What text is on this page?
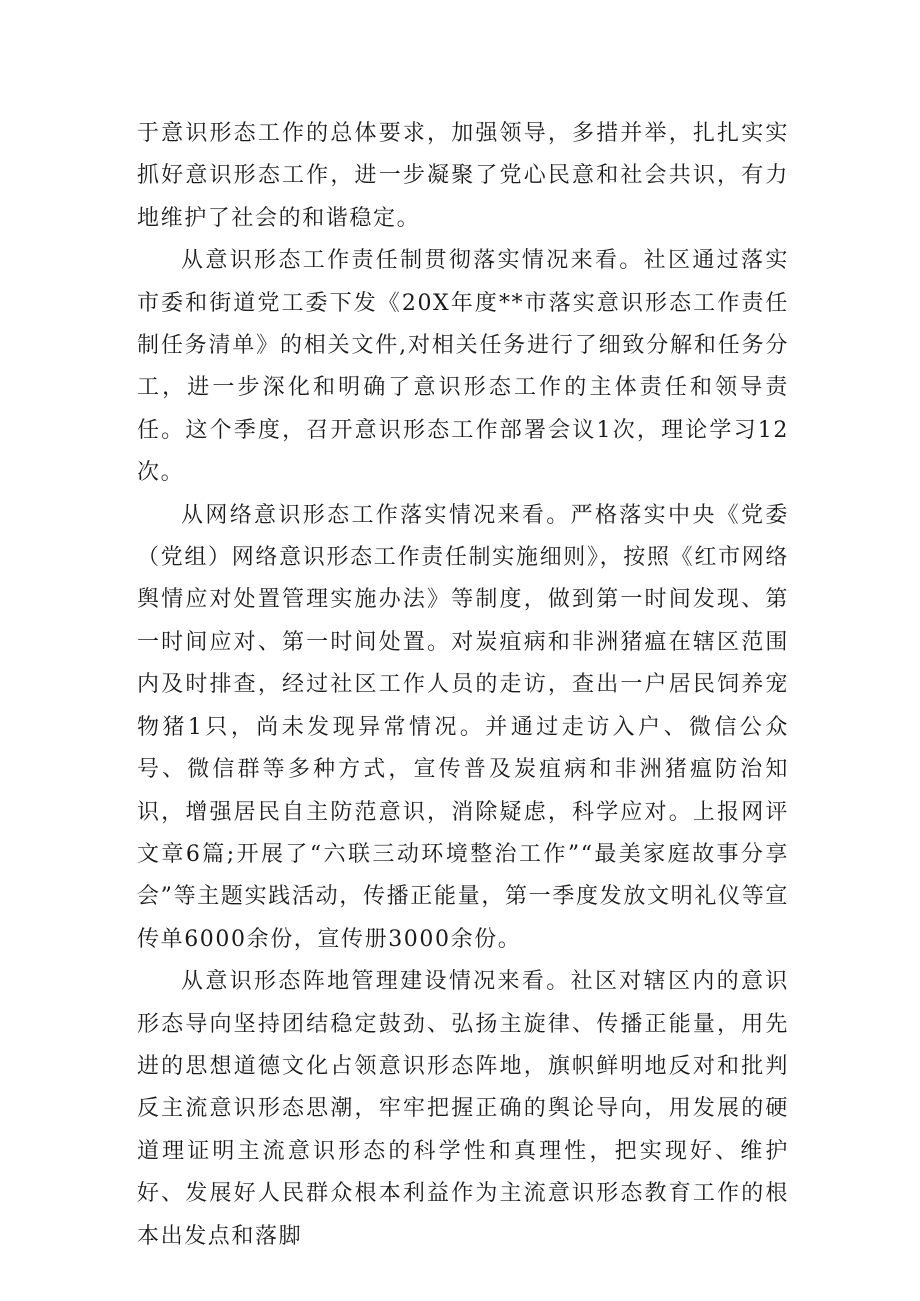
于意识形态工作的总体要求，加强领导，多措并举，扎扎实实抓好意识形态工作，进一步凝聚了党心民意和社会共识，有力地维护了社会的和谐稳定。

从意识形态工作责任制贯彻落实情况来看。社区通过落实市委和街道党工委下发《20X年度**市落实意识形态工作责任制任务清单》的相关文件,对相关任务进行了细致分解和任务分工，进一步深化和明确了意识形态工作的主体责任和领导责任。这个季度，召开意识形态工作部署会议1次，理论学习12次。

从网络意识形态工作落实情况来看。严格落实中央《党委（党组）网络意识形态工作责任制实施细则》，按照《红市网络舆情应对处置管理实施办法》等制度，做到第一时间发现、第一时间应对、第一时间处置。对炭疽病和非洲猪瘟在辖区范围内及时排查，经过社区工作人员的走访，查出一户居民饲养宠物猪1只，尚未发现异常情况。并通过走访入户、微信公众号、微信群等多种方式，宣传普及炭疽病和非洲猪瘟防治知识，增强居民自主防范意识，消除疑虑，科学应对。上报网评文章6篇;开展了“六联三动环境整治工作”“最美家庭故事分享会”等主题实践活动，传播正能量，第一季度发放文明礼仪等宣传单6000余份，宣传册3000余份。

从意识形态阵地管理建设情况来看。社区对辖区内的意识形态导向坚持团结稳定鼓劲、弘扬主旋律、传播正能量，用先进的思想道德文化占领意识形态阵地，旗帜鲜明地反对和批判反主流意识形态思潮，牢牢把握正确的舆论导向，用发展的硬道理证明主流意识形态的科学性和真理性，把实现好、维护好、发展好人民群众根本利益作为主流意识形态教育工作的根本出发点和落脚
